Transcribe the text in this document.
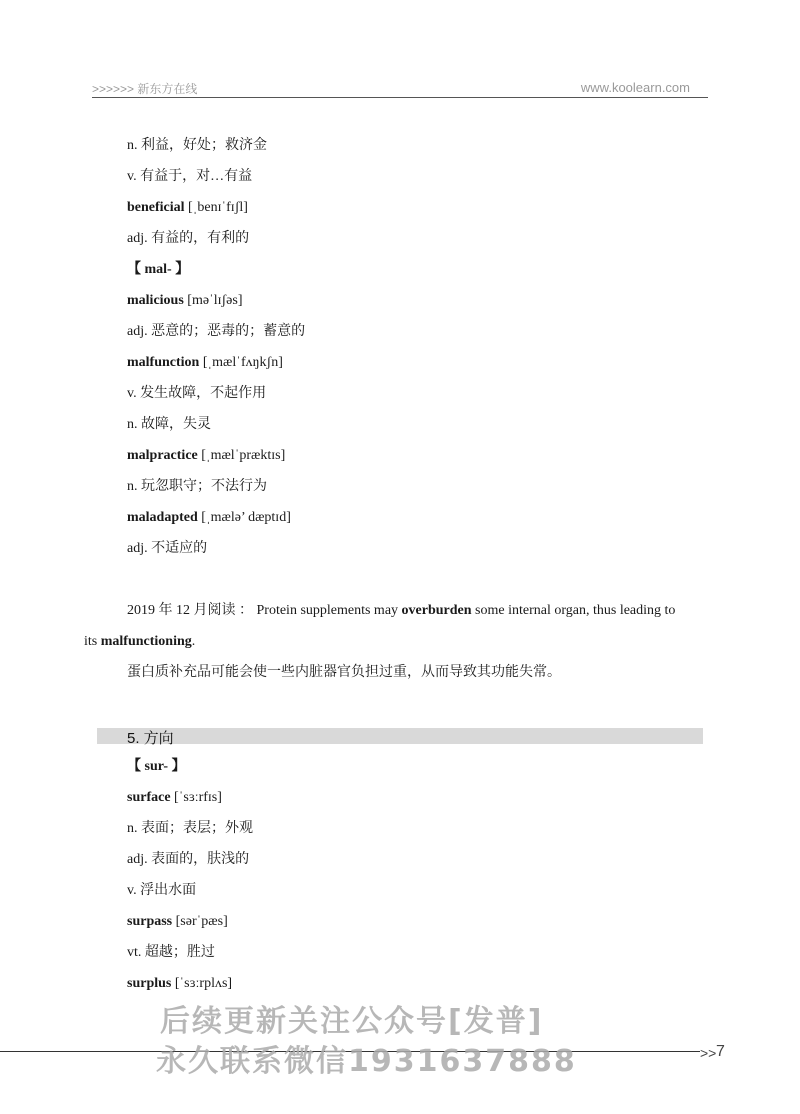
>>>>>> 新东方在线	www.koolearn.com
n. 利益，好处；救济金
v. 有益于，对…有益
beneficial [ˌbenɪˈfɪʃl]
adj. 有益的，有利的
【 mal- 】
malicious [məˈlɪʃəs]
adj. 恶意的；恶毒的；蓄意的
malfunction [ˌmælˈfʌŋkʃn]
v. 发生故障，不起作用
n. 故障，失灵
malpractice [ˌmælˈpræktɪs]
n. 玩忽职守；不法行为
maladapted [ˌmælə’ dæptɪd]
adj. 不适应的
2019 年 12 月阅读 ： Protein supplements may overburden some internal organ, thus leading to
its malfunctioning.
蛋白质补充品可能会使一些内脏器官负担过重，从而导致其功能失常。
5. 方向
【 sur- 】
surface [ˈsɜːrfɪs]
n. 表面；表层；外观
adj. 表面的，肤浅的
v. 浮出水面
surpass [sərˈpæs]
vt. 超越；胜过
surplus [ˈsɜːrplʌs]
>> 7
后续更新关注公众号[发普]
永久联系微信1931637888
